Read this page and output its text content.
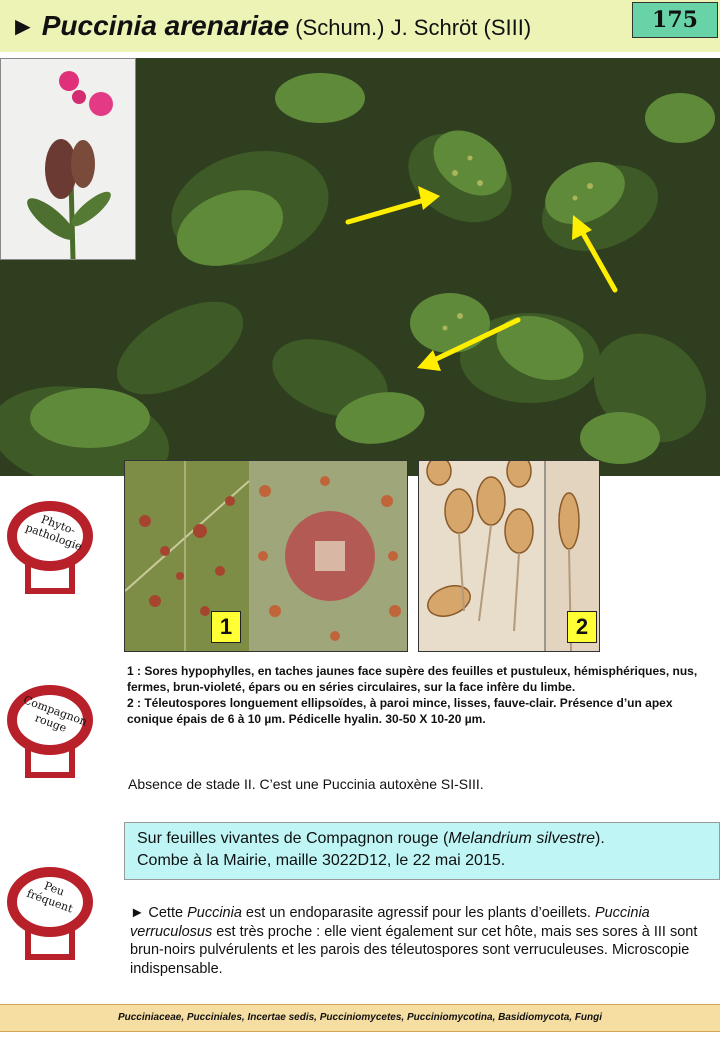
► Puccinia arenariae (Schum.) J. Schröt (SIII)	175
1	2
Phyto-pathologie
Compagnon rouge
Peu fréquent

1 : Sores hypophylles, en taches jaunes face supère des feuilles et pustuleux, hémisphériques, nus, fermes, brun-violeté, épars ou en séries circulaires, sur la face infère du limbe.

2 : Téleutospores longuement ellipsoïdes, à paroi mince, lisses, fauve-clair. Présence d’un apex conique épais de 6 à 10 µm. Pédicelle hyalin. 30-50 X 10-20 µm.

Absence de stade II. C’est une Puccinia autoxène SI-SIII.
Sur feuilles vivantes de Compagnon rouge (Melandrium silvestre).
Combe à la Mairie, maille 3022D12, le 22 mai 2015.
► Cette Puccinia est un endoparasite agressif pour les plants d’oeillets. Puccinia verruculosus est très proche : elle vient également sur cet hôte, mais ses sores à III sont brun-noirs pulvérulents et les parois des téleutospores sont verruculeuses. Microscopie indispensable.
Pucciniaceae, Pucciniales, Incertae sedis, Pucciniomycetes, Pucciniomycotina, Basidiomycota, Fungi
